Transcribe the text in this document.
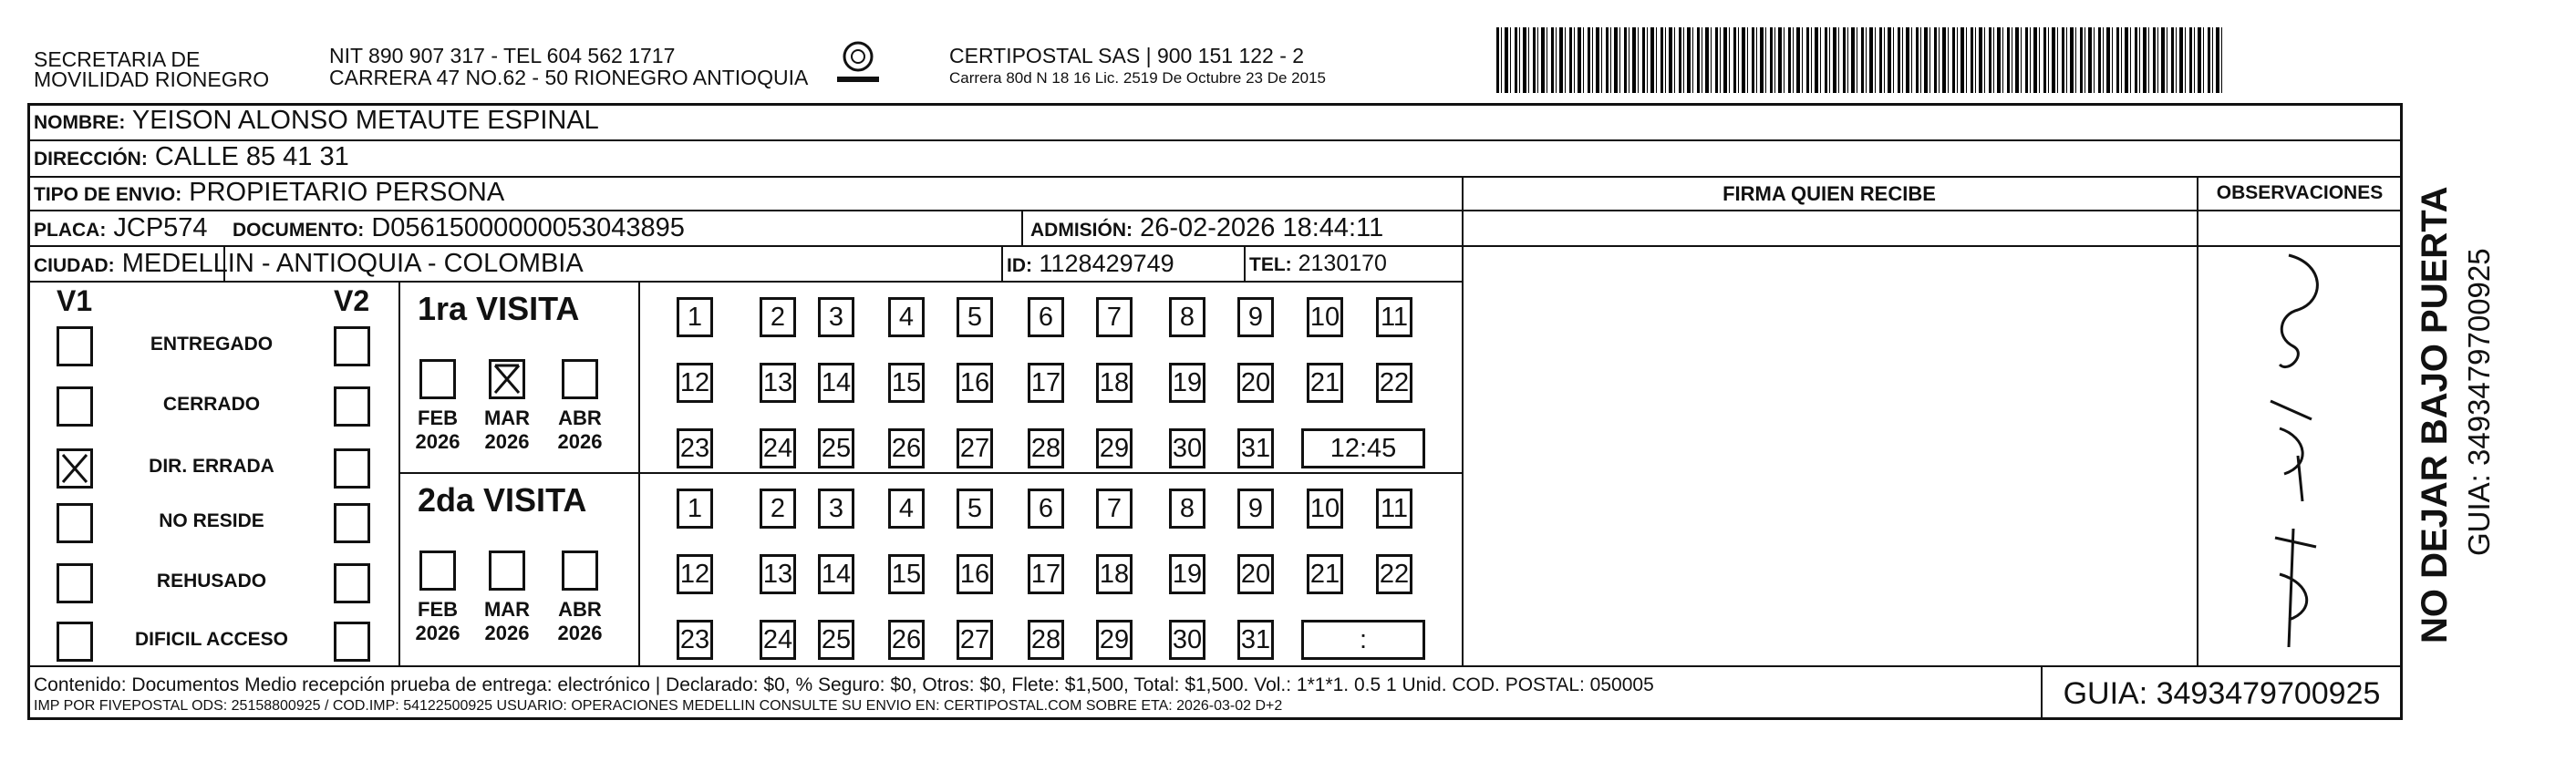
SECRETARIA DE
MOVILIDAD RIONEGRO
NIT 890 907 317 - TEL 604 562 1717
CARRERA 47 NO.62 - 50 RIONEGRO ANTIOQUIA
CERTIPOSTAL SAS | 900 151 122 - 2
Carrera 80d N 18 16 Lic. 2519 De Octubre 23 De 2015
NOMBRE: YEISON ALONSO METAUTE ESPINAL
DIRECCIÓN: CALLE 85 41 31
TIPO DE ENVIO: PROPIETARIO PERSONA
PLACA: JCP574 DOCUMENTO: D05615000000053043895	ADMISIÓN: 26-02-2026 18:44:11
CIUDAD: MEDELLIN - ANTIOQUIA - COLOMBIA	ID: 1128429749	TEL: 2130170
FIRMA QUIEN RECIBE	OBSERVACIONES
V1	V2
ENTREGADO
CERRADO
DIR. ERRADA
NO RESIDE
REHUSADO
DIFICIL ACCESO
1ra VISITA
FEB
2026
MAR
2026
ABR
2026
1	2	3	4	5	6	7	8	9	10 11
12 13 14 15 16 17 18 19 20 21 22
23 24 25 26 27 28 29 30 31	12:45
2da VISITA
FEB
2026
MAR
2026
ABR
2026
1	2	3	4	5	6	7	8	9	10 11
12 13 14 15 16 17 18 19 20 21 22
23 24 25 26 27 28 29 30 31	:
Contenido: Documentos Medio recepción prueba de entrega: electrónico | Declarado: $0, % Seguro: $0, Otros: $0, Flete: $1,500, Total: $1,500. Vol.: 1*1*1. 0.5 1 Unid. COD. POSTAL: 050005
IMP POR FIVEPOSTAL ODS: 25158800925 / COD.IMP: 54122500925 USUARIO: OPERACIONES MEDELLIN CONSULTE SU ENVIO EN: CERTIPOSTAL.COM SOBRE ETA: 2026-03-02 D+2	GUIA: 3493479700925
NO DEJAR BAJO PUERTA GUIA: 3493479700925
